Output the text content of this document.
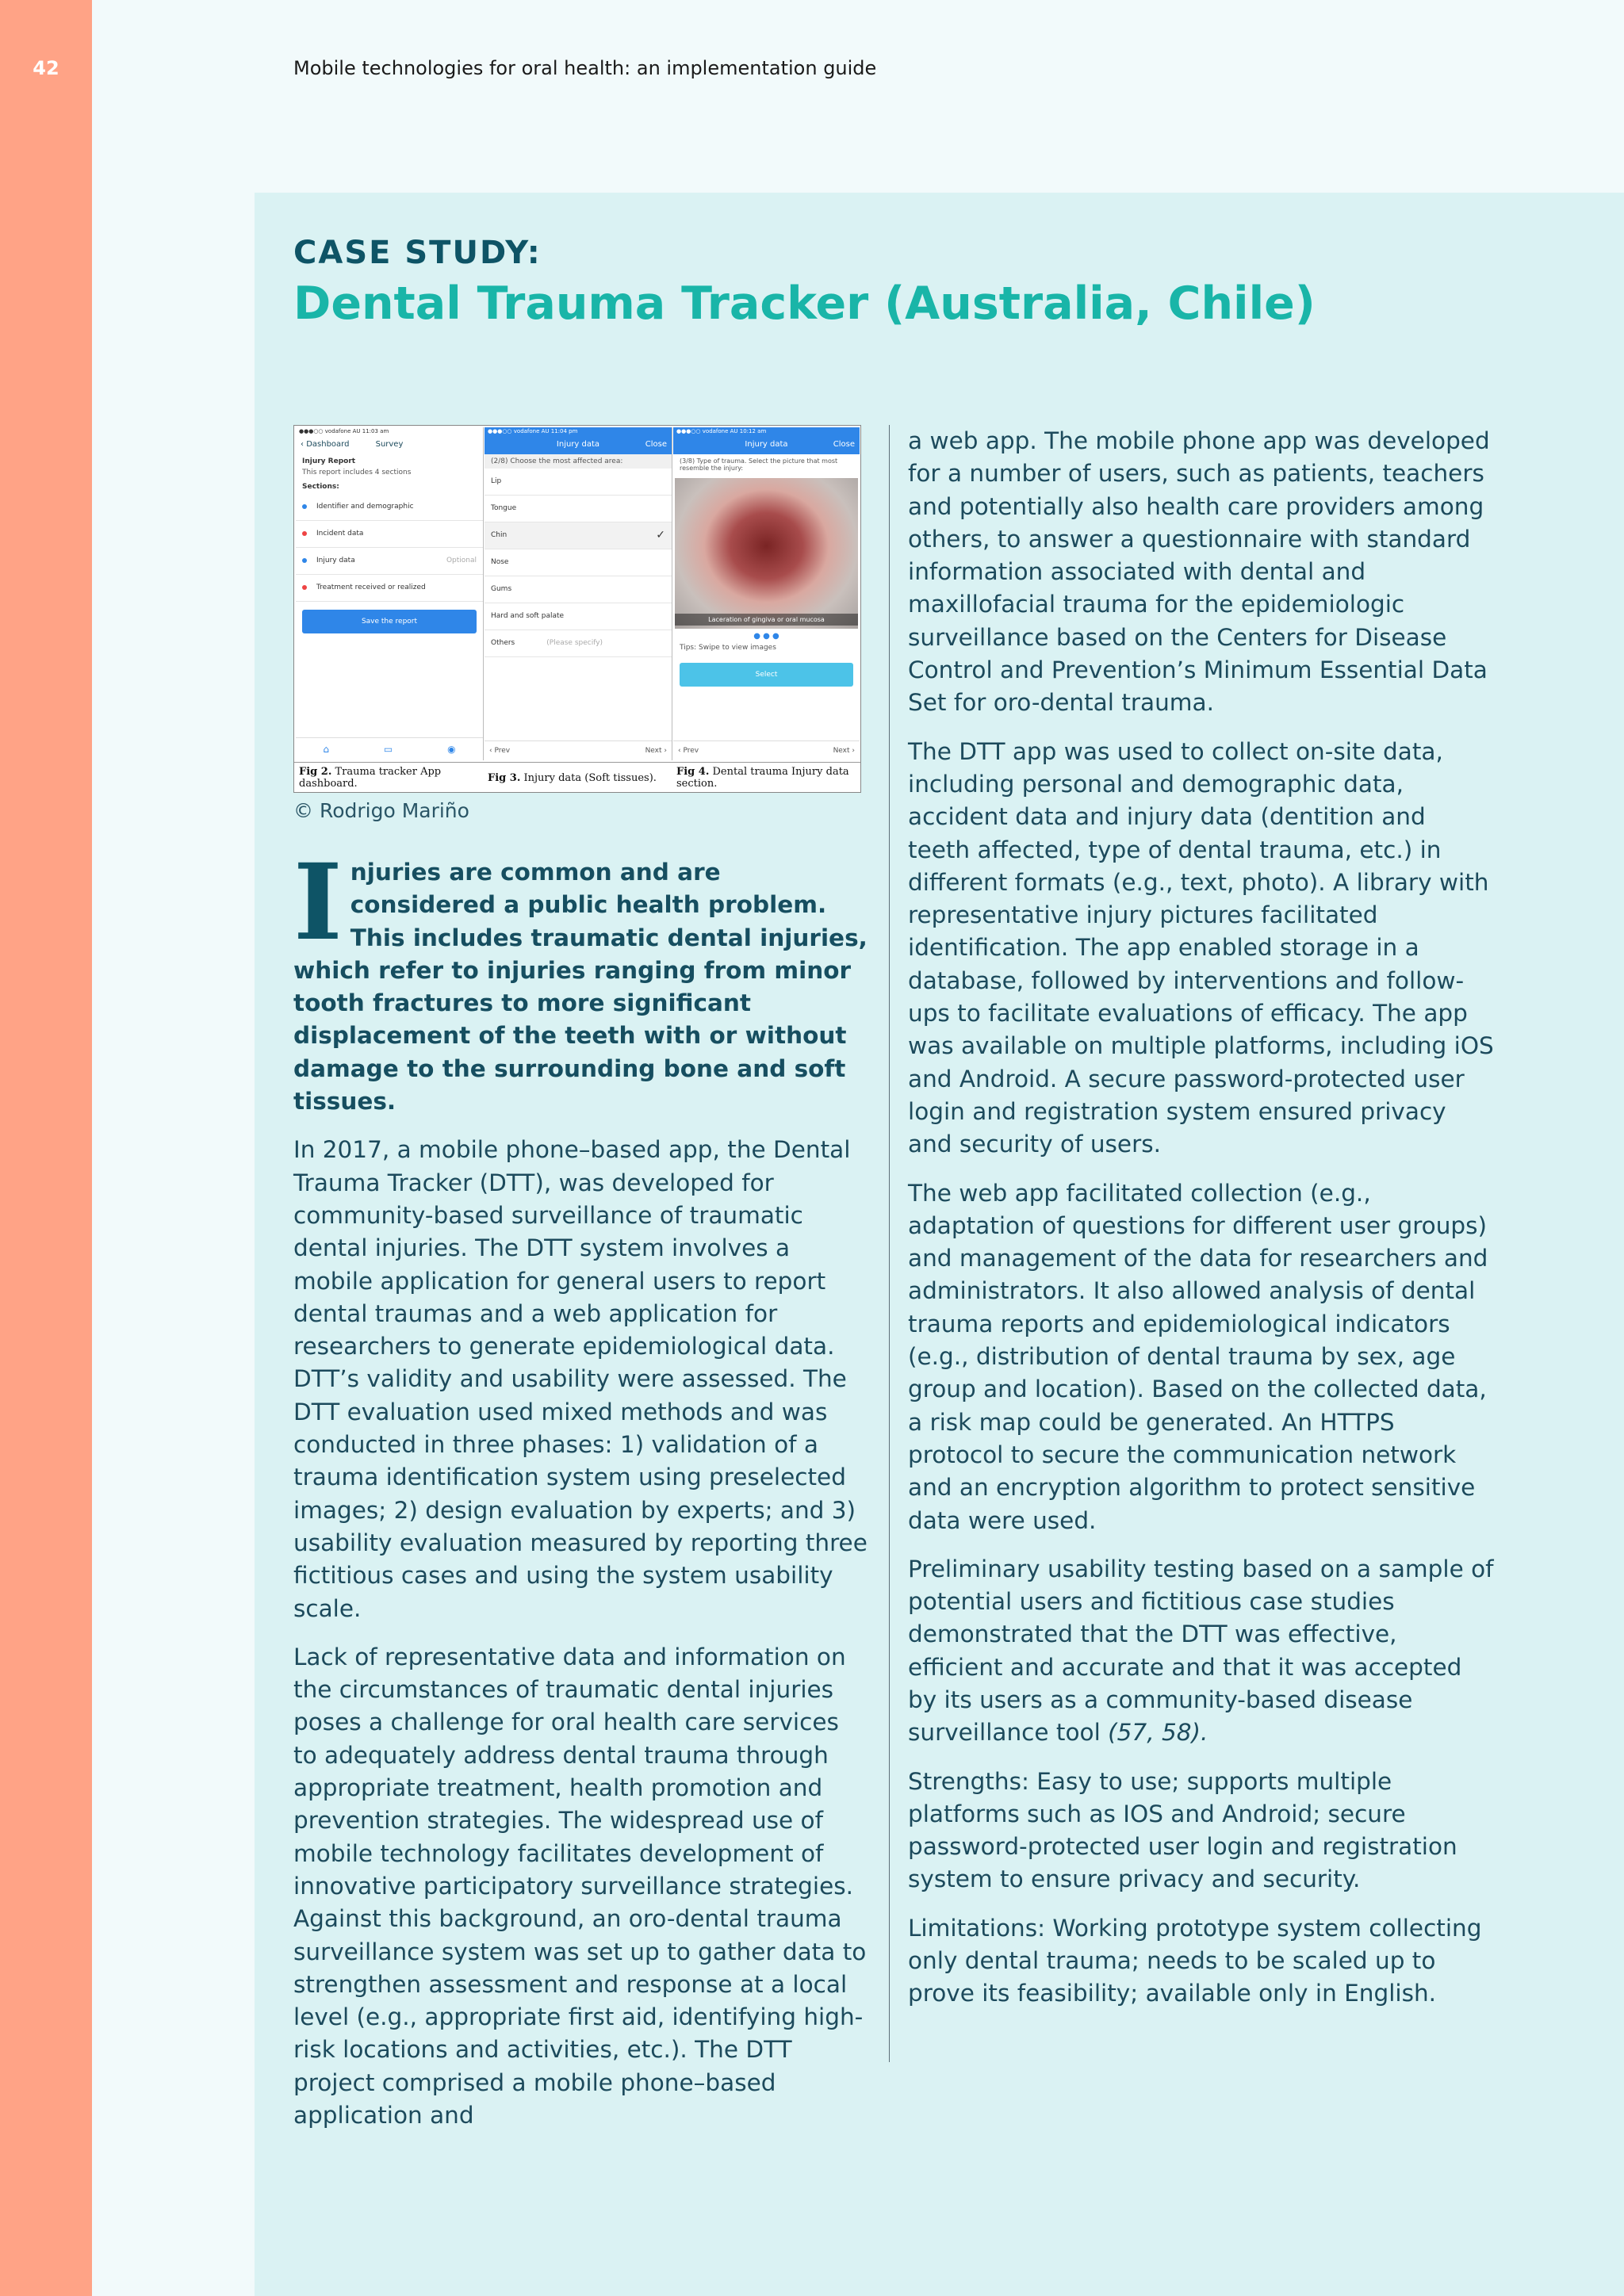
42	Mobile technologies for oral health: an implementation guide
CASE STUDY:
Dental Trauma Tracker (Australia, Chile)
●●●○○ vodafone AU 11:03 am
‹ Dashboard	Survey
Injury Report
This report includes 4 sections
Sections:
Identifier and demographic
Incident data
Injury data	Optional
Treatment received or realized
Save the report
⌂	▭	◉
●●●○○ vodafone AU 11:04 pm
Injury data	Close
(2/8) Choose the most affected area:
Lip
Tongue
Chin	✓
Nose
Gums
Hard and soft palate
Others	(Please specify)
‹ Prev	Next ›
●●●○○ vodafone AU 10:12 am
Injury data	Close
(3/8) Type of trauma. Select the picture that most resemble the injury:
Laceration of gingiva or oral mucosa
● ● ●
Tips: Swipe to view images
Select
‹ Prev	Next ›
Fig 2. Trauma tracker App dashboard.	Fig 3. Injury data (Soft tissues).	Fig 4. Dental trauma Injury data section.
© Rodrigo Mariño

Injuries are common and are considered a public health problem. This includes traumatic dental injuries, which refer to injuries ranging from minor tooth fractures to more significant displacement of the teeth with or without damage to the surrounding bone and soft tissues.

In 2017, a mobile phone–based app, the Dental Trauma Tracker (DTT), was developed for community-based surveillance of traumatic dental injuries. The DTT system involves a mobile application for general users to report dental traumas and a web application for researchers to generate epidemiological data. DTT’s validity and usability were assessed. The DTT evaluation used mixed methods and was conducted in three phases: 1) validation of a trauma identification system using preselected images; 2) design evaluation by experts; and 3) usability evaluation measured by reporting three fictitious cases and using the system usability scale.

Lack of representative data and information on the circumstances of traumatic dental injuries poses a challenge for oral health care services to adequately address dental trauma through appropriate treatment, health promotion and prevention strategies. The widespread use of mobile technology facilitates development of innovative participatory surveillance strategies. Against this background, an oro-dental trauma surveillance system was set up to gather data to strengthen assessment and response at a local level (e.g., appropriate first aid, identifying high-risk locations and activities, etc.). The DTT project comprised a mobile phone–based application and

a web app. The mobile phone app was developed for a number of users, such as patients, teachers and potentially also health care providers among others, to answer a questionnaire with standard information associated with dental and maxillofacial trauma for the epidemiologic surveillance based on the Centers for Disease Control and Prevention’s Minimum Essential Data Set for oro-dental trauma.

The DTT app was used to collect on-site data, including personal and demographic data, accident data and injury data (dentition and teeth affected, type of dental trauma, etc.) in different formats (e.g., text, photo). A library with representative injury pictures facilitated identification. The app enabled storage in a database, followed by interventions and follow-ups to facilitate evaluations of efficacy. The app was available on multiple platforms, including iOS and Android. A secure password-protected user login and registration system ensured privacy and security of users.

The web app facilitated collection (e.g., adaptation of questions for different user groups) and management of the data for researchers and administrators. It also allowed analysis of dental trauma reports and epidemiological indicators (e.g., distribution of dental trauma by sex, age group and location). Based on the collected data, a risk map could be generated. An HTTPS protocol to secure the communication network and an encryption algorithm to protect sensitive data were used.

Preliminary usability testing based on a sample of potential users and fictitious case studies demonstrated that the DTT was effective, efficient and accurate and that it was accepted by its users as a community-based disease surveillance tool (57, 58).

Strengths: Easy to use; supports multiple platforms such as IOS and Android; secure password-protected user login and registration system to ensure privacy and security.

Limitations: Working prototype system collecting only dental trauma; needs to be scaled up to prove its feasibility; available only in English.
